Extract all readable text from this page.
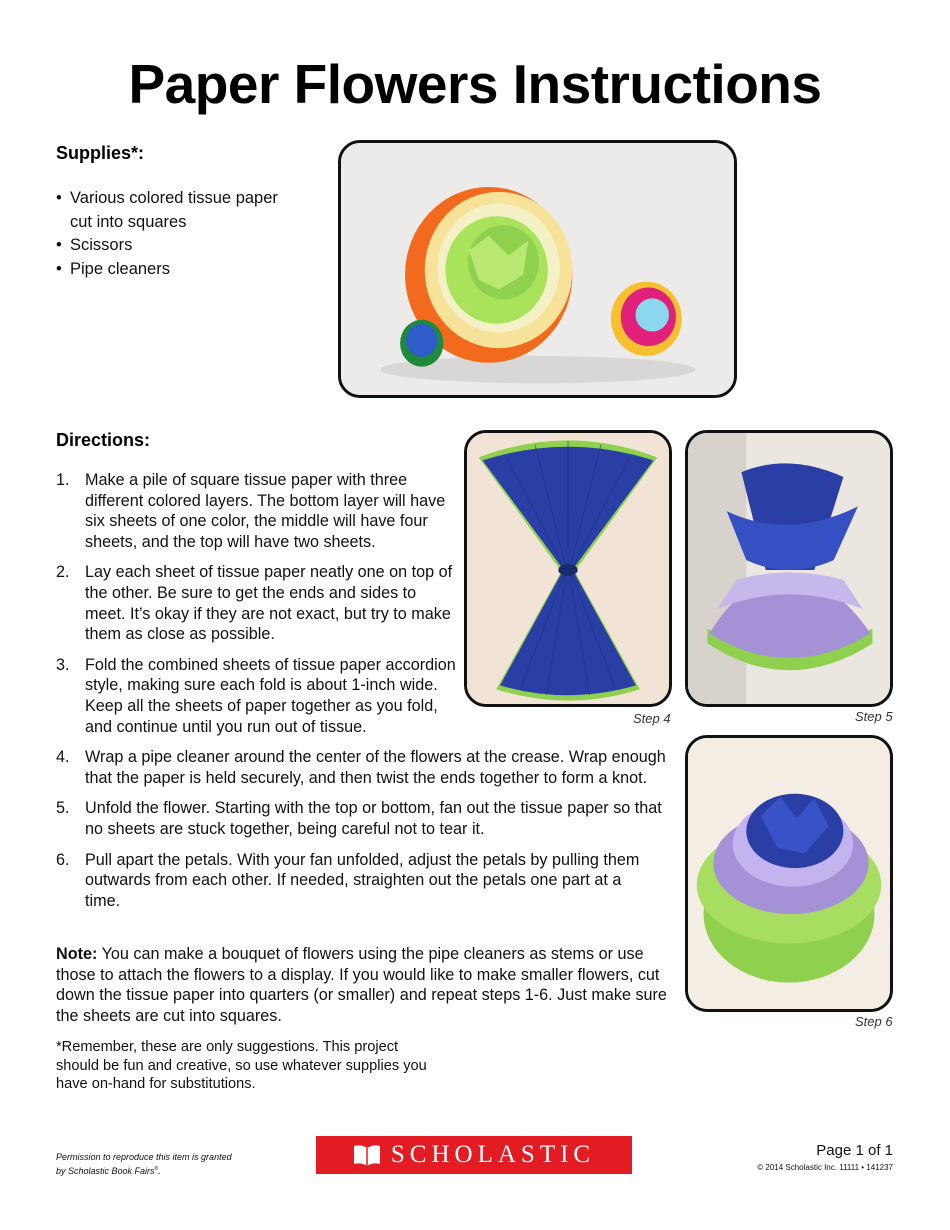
Paper Flowers Instructions
Supplies*:
• Various colored tissue paper
cut into squares
• Scissors
• Pipe cleaners
Directions:
Step 4	Step 5
Step 6
1. Make a pile of square tissue paper with three different colored layers. The bottom layer will have six sheets of one color, the middle will have four sheets, and the top will have two sheets.
2. Lay each sheet of tissue paper neatly one on top of the other. Be sure to get the ends and sides to meet. It’s okay if they are not exact, but try to make them as close as possible.
3. Fold the combined sheets of tissue paper accordion style, making sure each fold is about 1-inch wide. Keep all the sheets of paper together as you fold, and continue until you run out of tissue.
4. Wrap a pipe cleaner around the center of the flowers at the crease. Wrap enough that the paper is held securely, and then twist the ends together to form a knot.
5. Unfold the flower. Starting with the top or bottom, fan out the tissue paper so that no sheets are stuck together, being careful not to tear it.
6. Pull apart the petals. With your fan unfolded, adjust the petals by pulling them outwards from each other. If needed, straighten out the petals one part at a time.
Note: You can make a bouquet of flowers using the pipe cleaners as stems or use those to attach the flowers to a display. If you would like to make smaller flowers, cut down the tissue paper into quarters (or smaller) and repeat steps 1-6. Just make sure the sheets are cut into squares.
*Remember, these are only suggestions. This project should be fun and creative, so use whatever supplies you have on-hand for substitutions.
Permission to reproduce this item is granted
by Scholastic Book Fairs®.
SCHOLASTIC	Page 1 of 1
© 2014 Scholastic Inc. 11111 • 141237
